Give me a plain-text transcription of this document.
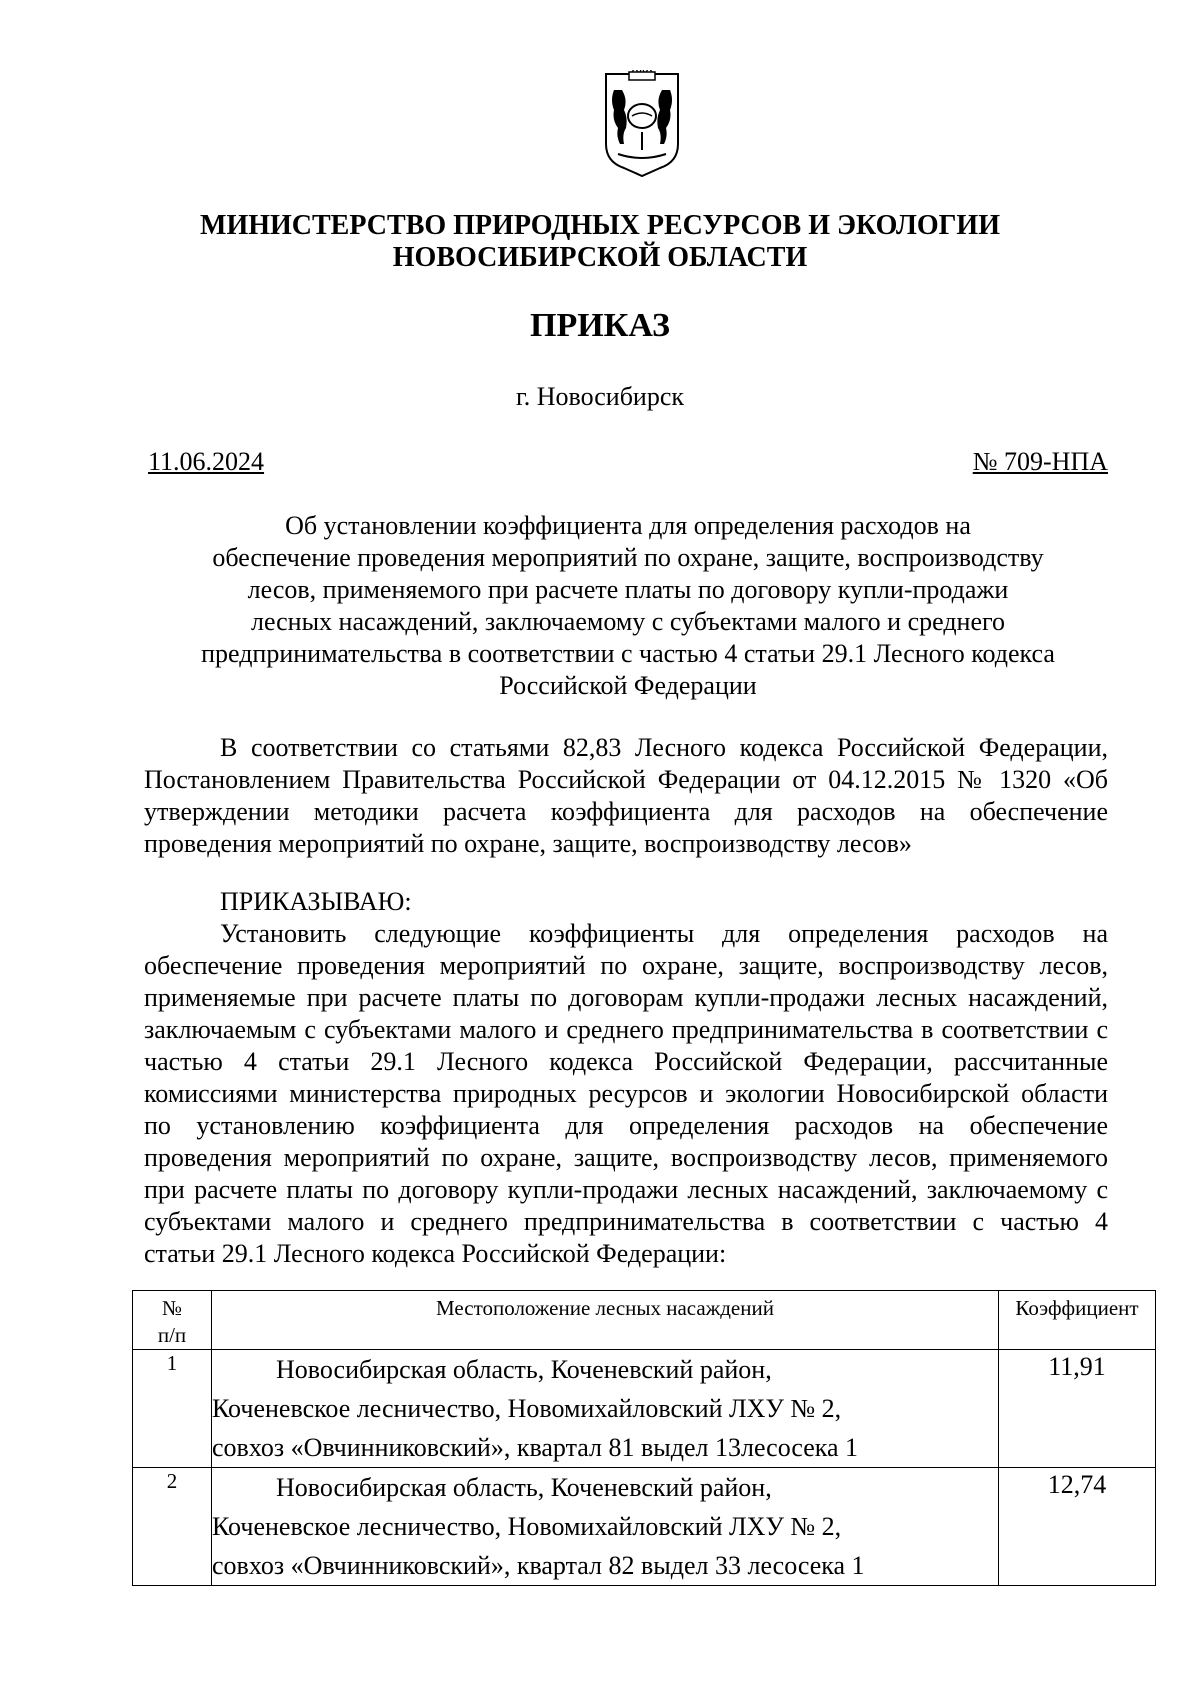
МИНИСТЕРСТВО ПРИРОДНЫХ РЕСУРСОВ И ЭКОЛОГИИ
НОВОСИБИРСКОЙ ОБЛАСТИ
ПРИКАЗ
г. Новосибирск
11.06.2024	№ 709-НПА
Об установлении коэффициента для определения расходов на
обеспечение проведения мероприятий по охране, защите, воспроизводству
лесов, применяемого при расчете платы по договору купли-продажи
лесных насаждений, заключаемому с субъектами малого и среднего
предпринимательства в соответствии с частью 4 статьи 29.1 Лесного кодекса
Российской Федерации
В соответствии со статьями 82,83 Лесного кодекса Российской Федерации,
Постановлением Правительства Российской Федерации от 04.12.2015 № 1320 «Об
утверждении методики расчета коэффициента для расходов на обеспечение
проведения мероприятий по охране, защите, воспроизводству лесов»
ПРИКАЗЫВАЮ:
Установить следующие коэффициенты для определения расходов на
обеспечение проведения мероприятий по охране, защите, воспроизводству лесов,
применяемые при расчете платы по договорам купли-продажи лесных насаждений,
заключаемым с субъектами малого и среднего предпринимательства в соответствии с
частью 4 статьи 29.1 Лесного кодекса Российской Федерации, рассчитанные
комиссиями министерства природных ресурсов и экологии Новосибирской области
по установлению коэффициента для определения расходов на обеспечение
проведения мероприятий по охране, защите, воспроизводству лесов, применяемого
при расчете платы по договору купли-продажи лесных насаждений, заключаемому с
субъектами малого и среднего предпринимательства в соответствии с частью 4
статьи 29.1 Лесного кодекса Российской Федерации:
№
п/п	Местоположение лесных насаждений	Коэффициент
1	Новосибирская область, Коченевский район,
Коченевское лесничество, Новомихайловский ЛХУ № 2,
совхоз «Овчинниковский», квартал 81 выдел 13лесосека 1	11,91
2	Новосибирская область, Коченевский район,
Коченевское лесничество, Новомихайловский ЛХУ № 2,
совхоз «Овчинниковский», квартал 82 выдел 33 лесосека 1	12,74
